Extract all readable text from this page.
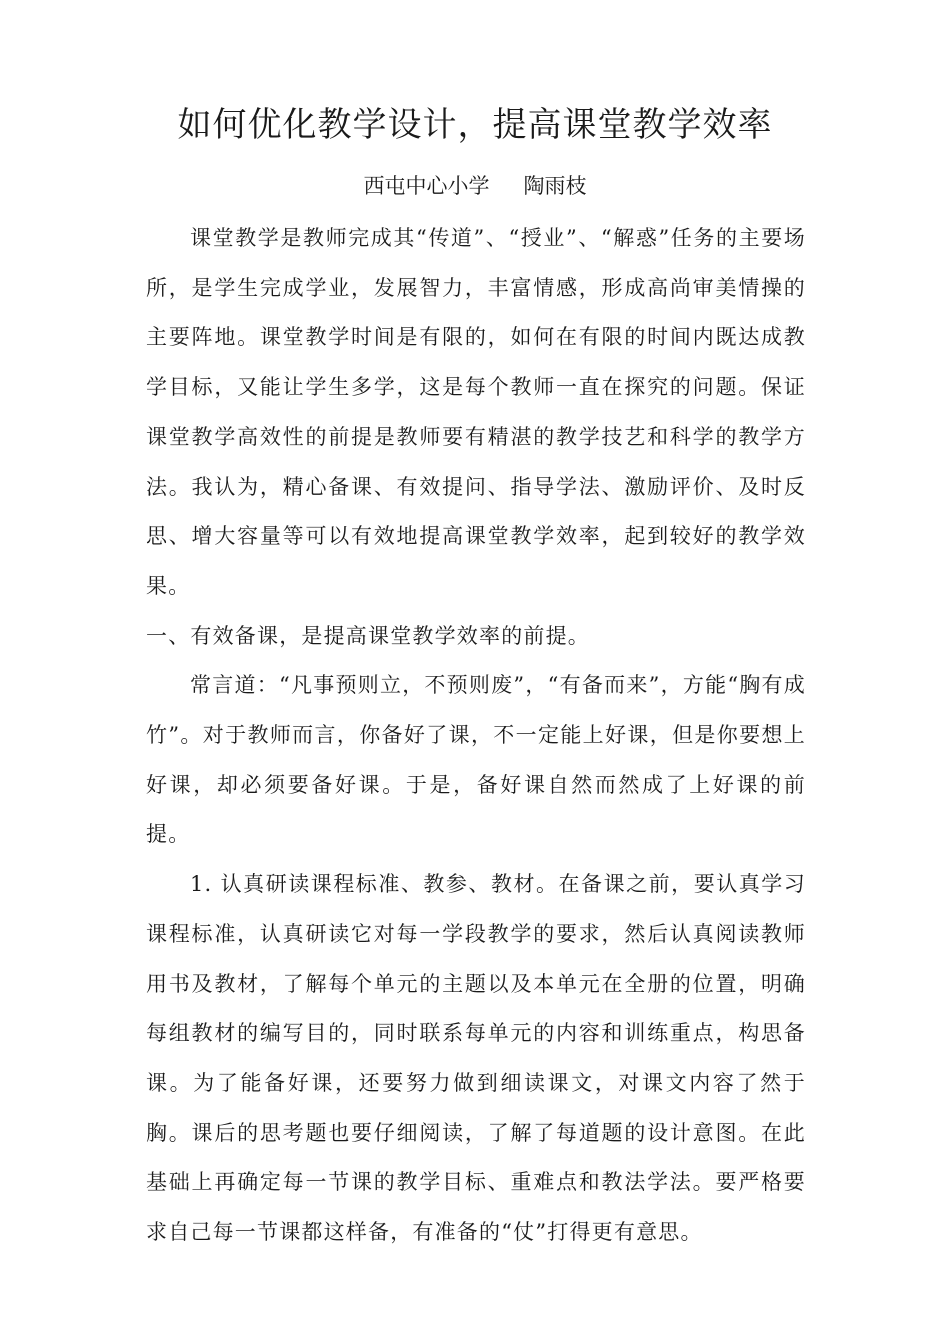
如何优化教学设计，提高课堂教学效率
西屯中心小学 陶雨枝

课堂教学是教师完成其“传道”、“授业”、“解惑”任务的主要场所，是学生完成学业，发展智力，丰富情感，形成高尚审美情操的主要阵地。课堂教学时间是有限的，如何在有限的时间内既达成教学目标，又能让学生多学，这是每个教师一直在探究的问题。保证课堂教学高效性的前提是教师要有精湛的教学技艺和科学的教学方法。我认为，精心备课、有效提问、指导学法、激励评价、及时反思、增大容量等可以有效地提高课堂教学效率，起到较好的教学效果。

一、有效备课，是提高课堂教学效率的前提。

常言道：“凡事预则立，不预则废”，“有备而来”，方能“胸有成竹”。对于教师而言，你备好了课，不一定能上好课，但是你要想上好课，却必须要备好课。于是，备好课自然而然成了上好课的前提。

1. 认真研读课程标准、教参、教材。在备课之前，要认真学习课程标准，认真研读它对每一学段教学的要求，然后认真阅读教师用书及教材，了解每个单元的主题以及本单元在全册的位置，明确每组教材的编写目的，同时联系每单元的内容和训练重点，构思备课。为了能备好课，还要努力做到细读课文，对课文内容了然于胸。课后的思考题也要仔细阅读，了解了每道题的设计意图。在此基础上再确定每一节课的教学目标、重难点和教法学法。要严格要求自己每一节课都这样备，有准备的“仗”打得更有意思。
